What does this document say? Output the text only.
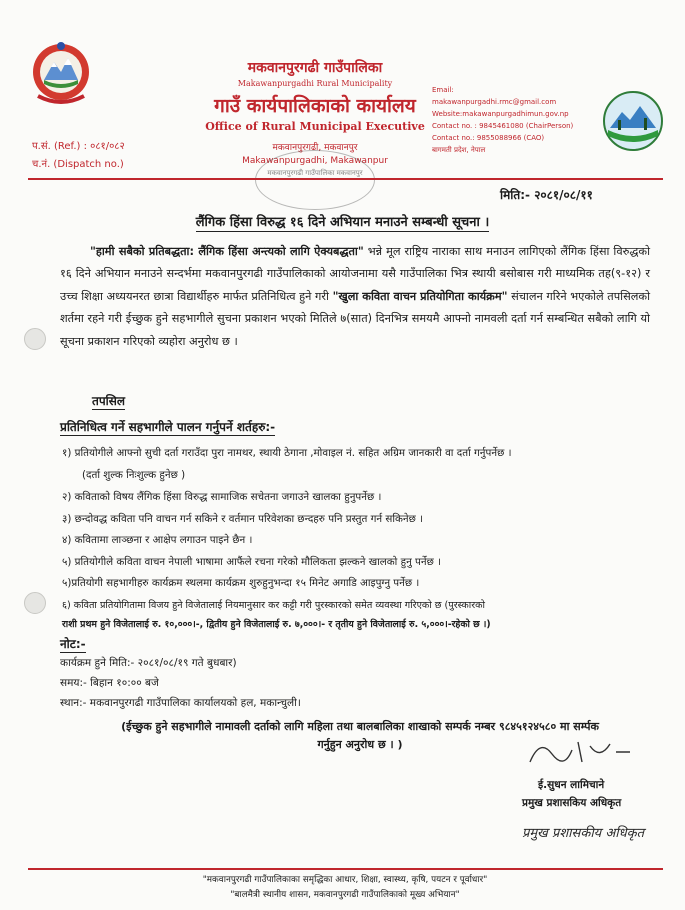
मकवानपुरगढी गाउँपालिका
Makawanpurgadhi Rural Municipality
गाउँ कार्यपालिकाको कार्यालय
Office of Rural Municipal Executive
मकवानपुरगढी, मकवानपुर
Makawanpurgadhi, Makawanpur
Email:
makawanpurgadhi.rmc@gmail.com
Website:makawanpurgadhimun.gov.np
Contact no. : 9845461080 (ChairPerson)
Contact no.: 9855088966 (CAO)
बागमती प्रदेश, नेपाल
प.सं. (Ref.) : ०८१/०८२
च.नं. (Dispatch no.)
मकवानपुरगढी गाउँपालिका मकवानपुर
मिति:- २०८१/०८/११
लैंगिक हिंसा विरुद्ध १६ दिने अभियान मनाउने सम्बन्धी सूचना ।
"हामी सबैको प्रतिबद्धता: लैंगिक हिंसा अन्त्यको लागि ऐक्यबद्धता" भन्ने मूल राष्ट्रिय नाराका साथ मनाउन लागिएको लैंगिक हिंसा विरुद्धको १६ दिने अभियान मनाउने सन्दर्भमा मकवानपुरगढी गाउँपालिकाको आयोजनामा यसै गाउँपालिका भित्र स्थायी बसोबास गरी माध्यमिक तह(९-१२) र उच्च शिक्षा अध्ययनरत छात्रा विद्यार्थीहरु मार्फत प्रतिनिधित्व हुने गरी "खुला कविता वाचन प्रतियोगिता कार्यक्रम" संचालन गरिने भएकोले तपसिलको शर्तमा रहने गरी ईच्छुक हुने सहभागीले सुचना प्रकाशन भएको मितिले ७(सात) दिनभित्र समयमै आफ्नो नामवली दर्ता गर्न सम्बन्धित सबैको लागि यो सूचना प्रकाशन गरिएको व्यहोरा अनुरोध छ ।
तपसिल
प्रतिनिधित्व गर्ने सहभागीले पालन गर्नुपर्ने शर्तहरु:-
१) प्रतियोगीले आफ्नो सुची दर्ता गराउँदा पुरा नामथर, स्थायी ठेगाना ,मोवाइल नं. सहित अग्रिम जानकारी वा दर्ता गर्नुपर्नेछ ।
(दर्ता शुल्क निःशुल्क हुनेछ )
२) कविताको विषय लैंगिक हिंसा विरुद्ध सामाजिक सचेतना जगाउने खालका हुनुपर्नेछ ।
३) छन्दोवद्ध कविता पनि वाचन गर्न सकिने र वर्तमान परिवेशका छन्दहरु पनि प्रस्तुत गर्न सकिनेछ ।
४) कवितामा लाञ्छना र आक्षेप लगाउन पाइने छैन ।
५) प्रतियोगीले कविता वाचन नेपाली भाषामा आफैंले रचना गरेको मौलिकता झल्कने खालको हुनु पर्नेछ ।
५)प्रतियोगी सहभागीहरु कार्यक्रम स्थलमा कार्यक्रम शुरुहुनुभन्दा १५ मिनेट अगाडि आइपुग्नु पर्नेछ ।
६) कविता प्रतियोगितामा विजय हुने विजेतालाई नियमानुसार कर कट्टी गरी पुरस्कारको समेत व्यवस्था गरिएको छ (पुरस्कारको
राशी प्रथम हुने विजेतालाई रु. १०,०००।-, द्वितीय हुने विजेतालाई रु. ७,०००।- र तृतीय हुने विजेतालाई रु. ५,०००।-रहेको छ ।)
नोट:-
कार्यक्रम हुने मिति:- २०८१/०८/१९ गते बुधबार)
समय:- बिहान १०:०० बजे
स्थान:- मकवानपुरगढी गाउँपालिका कार्यालयको हल, मकान्चुली।
(ईच्छुक हुने सहभागीले नामावली दर्ताको लागि महिला तथा बालबालिका शाखाको सम्पर्क नम्बर ९८४५१२४५८० मा सर्म्पक
गर्नुहुन अनुरोध छ । )
ई.सुधन लामिचाने
प्रमुख प्रशासकिय अधिकृत
प्रमुख प्रशासकीय अधिकृत
"मकवानपुरगढी गाउँपालिकाका समृद्धिका आधार, शिक्षा, स्वास्थ्य, कृषि, पयटन र पूर्वाधार"
"बालमैत्री स्थानीय शासन, मकवानपुरगढी गाउँपालिकाको मूख्य अभियान"
